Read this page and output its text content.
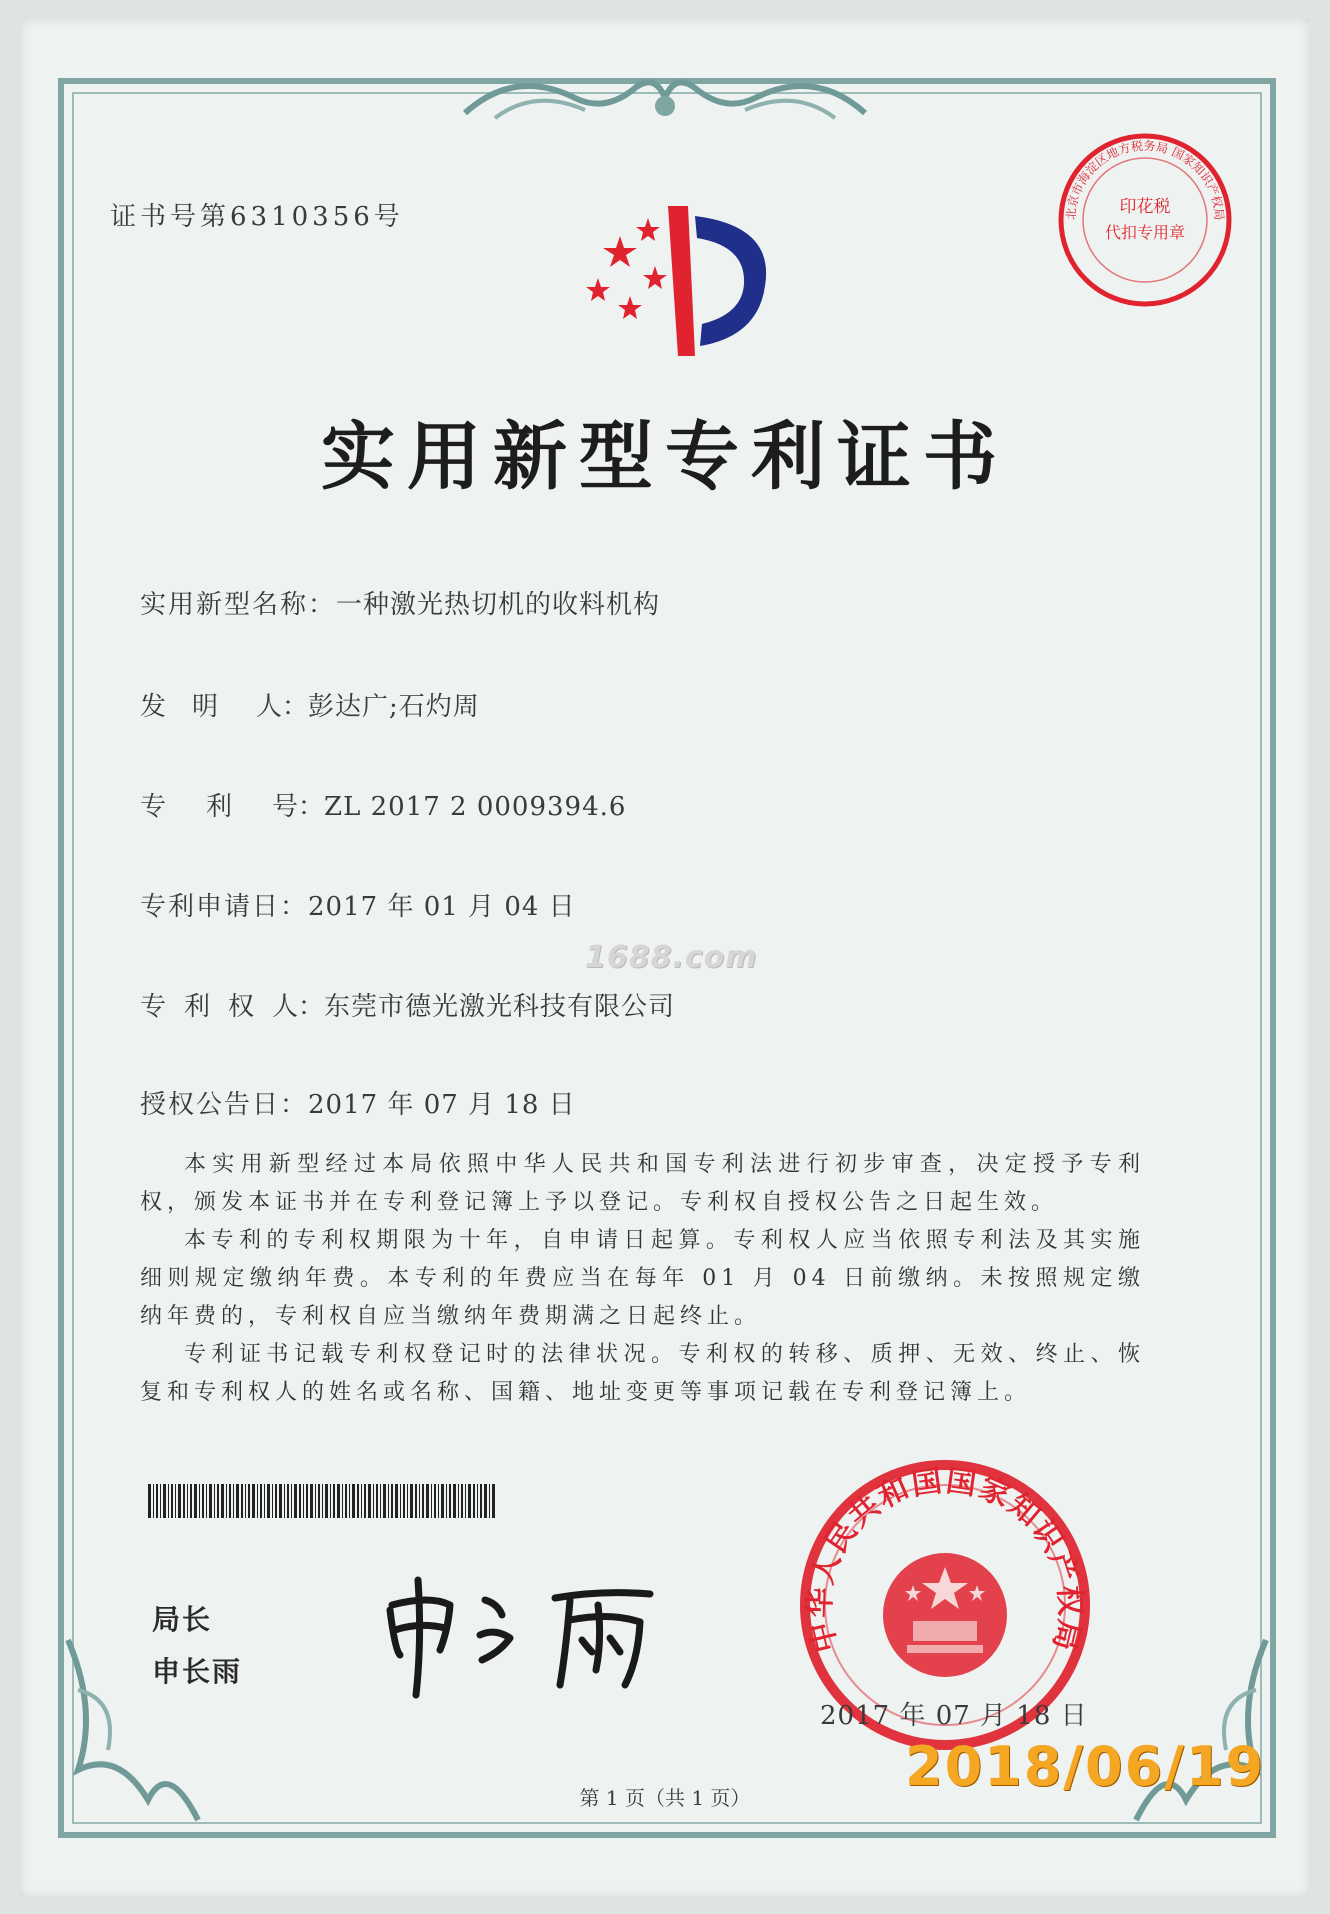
证书号第6310356号	印花税
代扣专用章
北京市海淀区地方税务局 国家知识产权局
实用新型专利证书
实用新型名称：一种激光热切机的收料机构
发 明 人：彭达广;石灼周
专 利 号：ZL 2017 2 0009394.6
专利申请日：2017 年 01 月 04 日
1688.com
专 利 权 人：东莞市德光激光科技有限公司
授权公告日：2017 年 07 月 18 日

本实用新型经过本局依照中华人民共和国专利法进行初步审查，决定授予专利权，颁发本证书并在专利登记簿上予以登记。专利权自授权公告之日起生效。

本专利的专利权期限为十年，自申请日起算。专利权人应当依照专利法及其实施细则规定缴纳年费。本专利的年费应当在每年 01 月 04 日前缴纳。未按照规定缴纳年费的，专利权自应当缴纳年费期满之日起终止。

专利证书记载专利权登记时的法律状况。专利权的转移、质押、无效、终止、恢复和专利权人的姓名或名称、国籍、地址变更等事项记载在专利登记簿上。

局长
申长雨
中华人民共和国国家知识产权局
2017 年 07 月 18 日
2018/06/19
第 1 页（共 1 页）
